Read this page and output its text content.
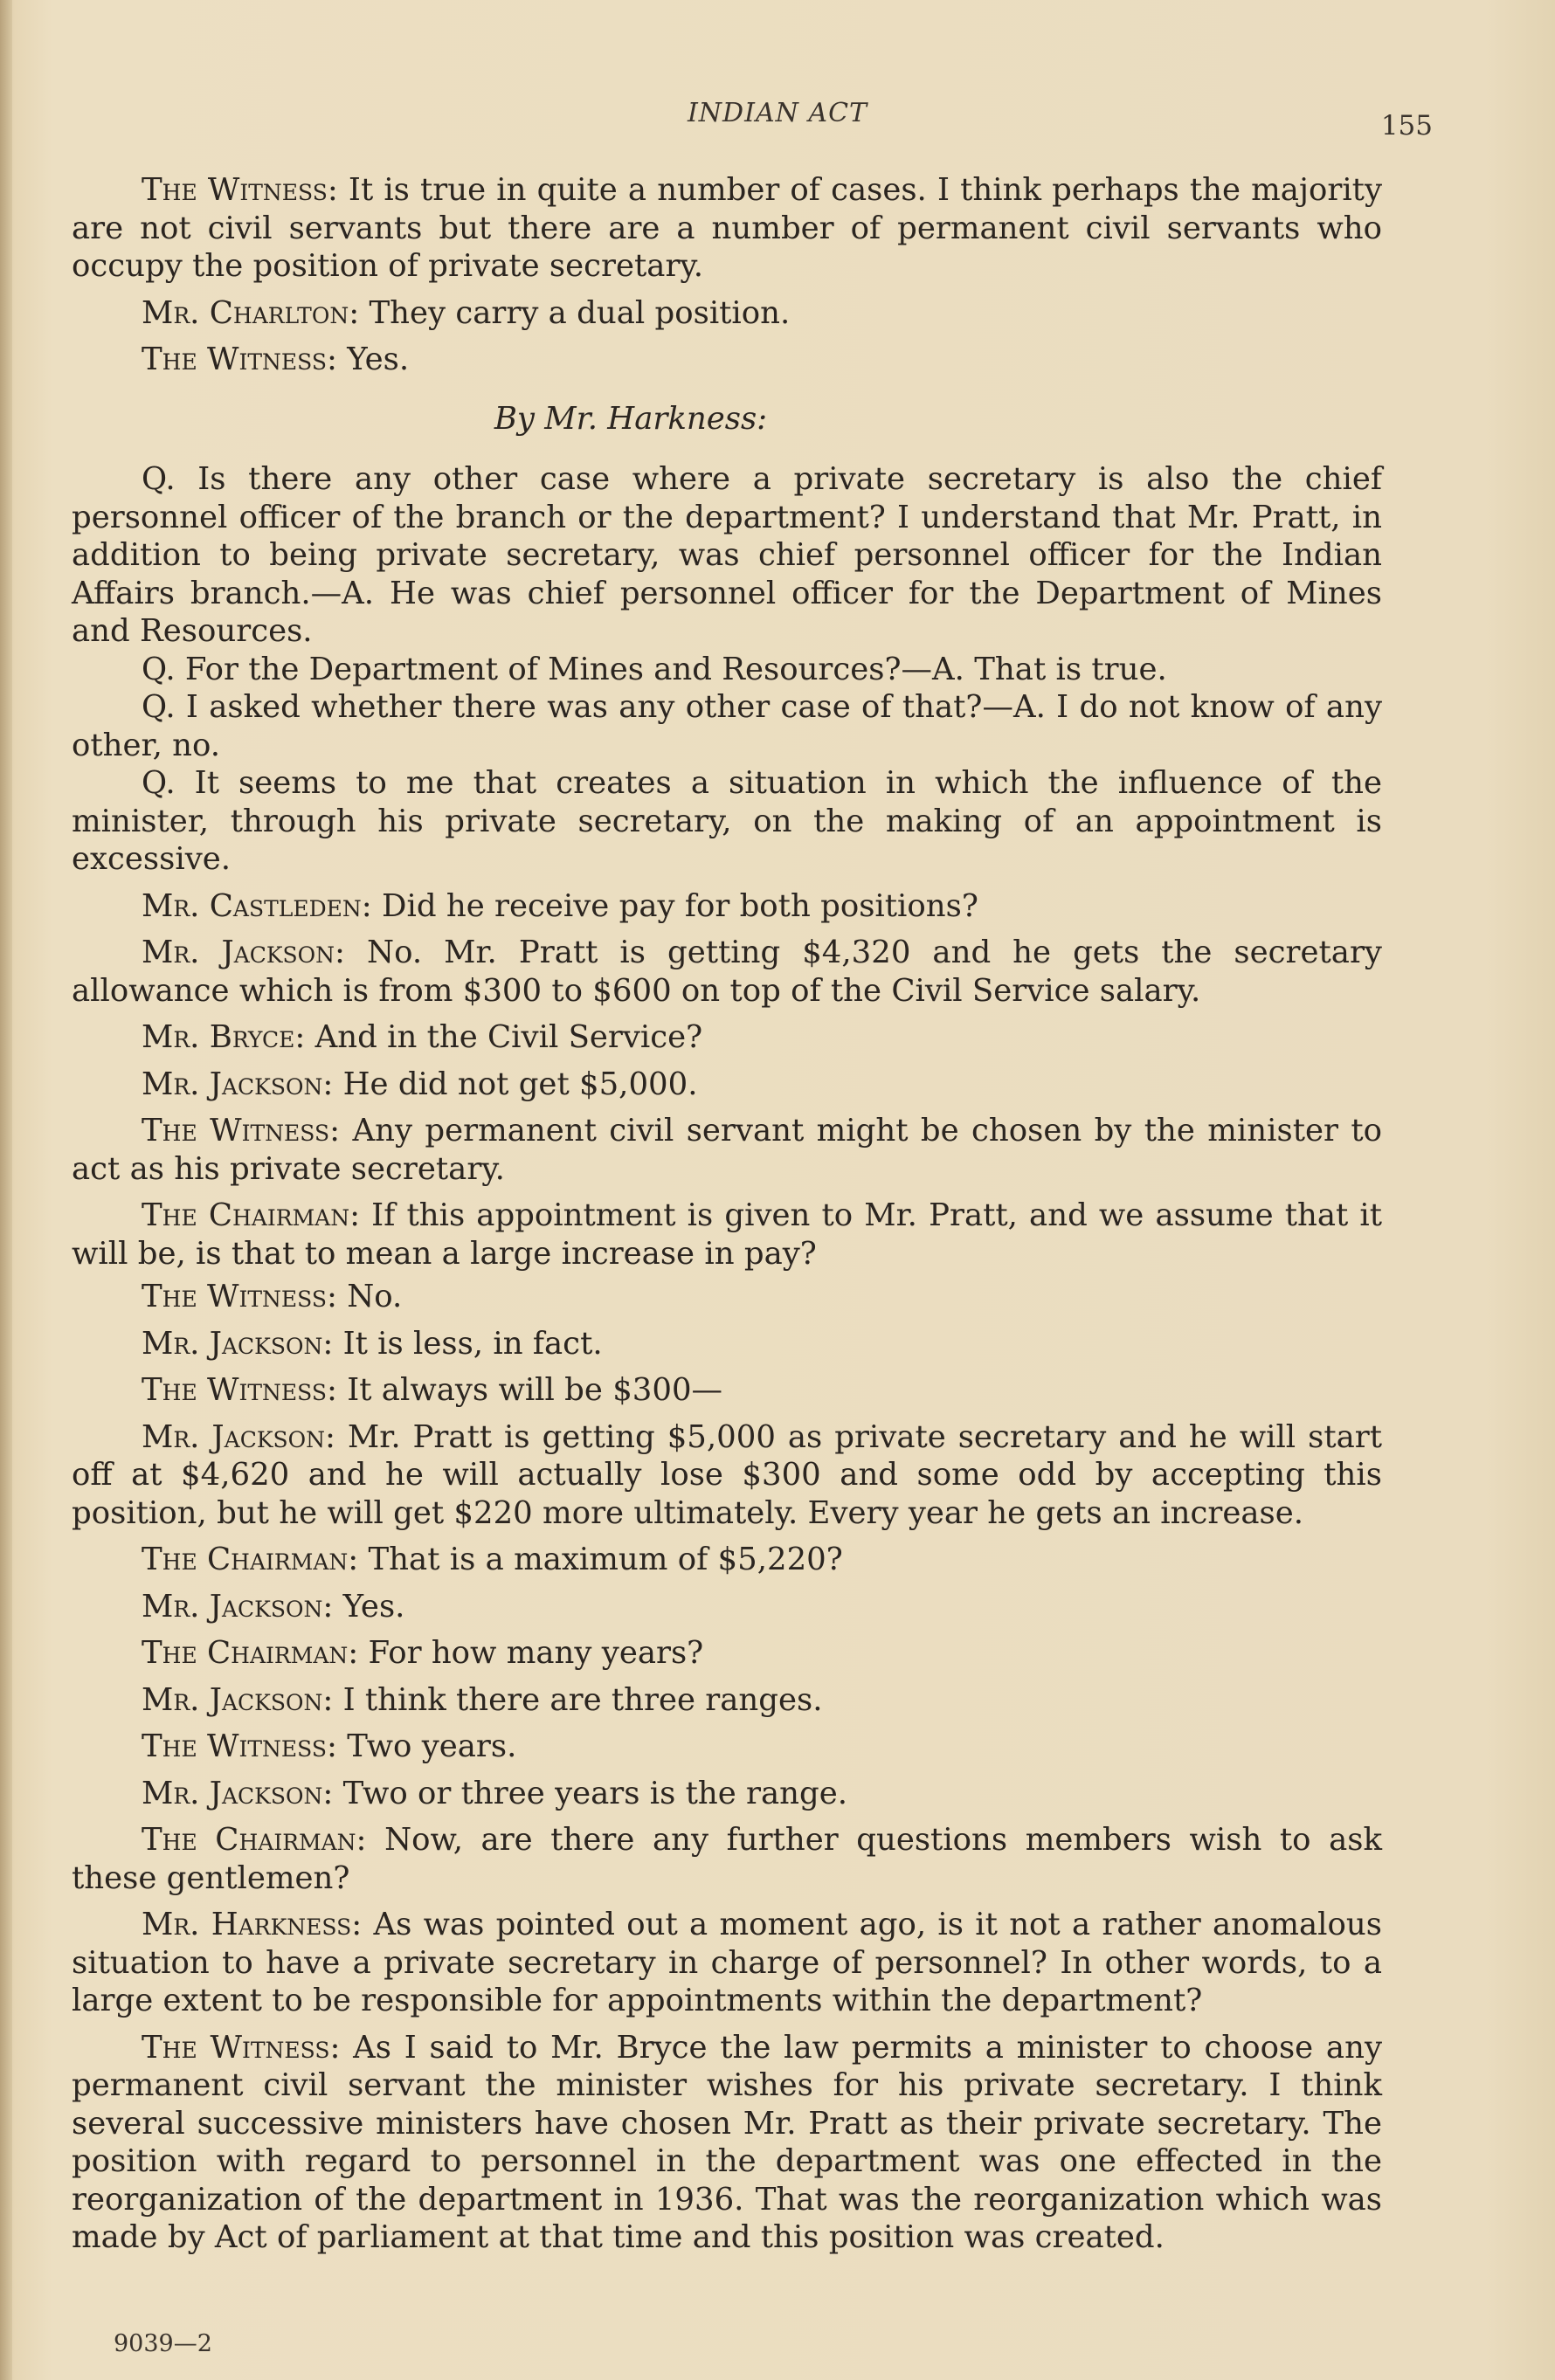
INDIAN ACT	155

The Witness: It is true in quite a number of cases. I think perhaps the majority are not civil servants but there are a number of permanent civil servants who occupy the position of private secretary.

Mr. Charlton: They carry a dual position.

The Witness: Yes.

By Mr. Harkness:

Q. Is there any other case where a private secretary is also the chief personnel officer of the branch or the department? I understand that Mr. Pratt, in addition to being private secretary, was chief personnel officer for the Indian Affairs branch.—A. He was chief personnel officer for the Department of Mines and Resources.

Q. For the Department of Mines and Resources?—A. That is true.

Q. I asked whether there was any other case of that?—A. I do not know of any other, no.

Q. It seems to me that creates a situation in which the influence of the minister, through his private secretary, on the making of an appointment is excessive.

Mr. Castleden: Did he receive pay for both positions?

Mr. Jackson: No. Mr. Pratt is getting $4,320 and he gets the secretary allowance which is from $300 to $600 on top of the Civil Service salary.

Mr. Bryce: And in the Civil Service?

Mr. Jackson: He did not get $5,000.

The Witness: Any permanent civil servant might be chosen by the minister to act as his private secretary.

The Chairman: If this appointment is given to Mr. Pratt, and we assume that it will be, is that to mean a large increase in pay?

The Witness: No.

Mr. Jackson: It is less, in fact.

The Witness: It always will be $300—

Mr. Jackson: Mr. Pratt is getting $5,000 as private secretary and he will start off at $4,620 and he will actually lose $300 and some odd by accepting this position, but he will get $220 more ultimately. Every year he gets an increase.

The Chairman: That is a maximum of $5,220?

Mr. Jackson: Yes.

The Chairman: For how many years?

Mr. Jackson: I think there are three ranges.

The Witness: Two years.

Mr. Jackson: Two or three years is the range.

The Chairman: Now, are there any further questions members wish to ask these gentlemen?

Mr. Harkness: As was pointed out a moment ago, is it not a rather anomalous situation to have a private secretary in charge of personnel? In other words, to a large extent to be responsible for appointments within the department?

The Witness: As I said to Mr. Bryce the law permits a minister to choose any permanent civil servant the minister wishes for his private secretary. I think several successive ministers have chosen Mr. Pratt as their private secretary. The position with regard to personnel in the department was one effected in the reorganization of the department in 1936. That was the reorganization which was made by Act of parliament at that time and this position was created.

9039—2
